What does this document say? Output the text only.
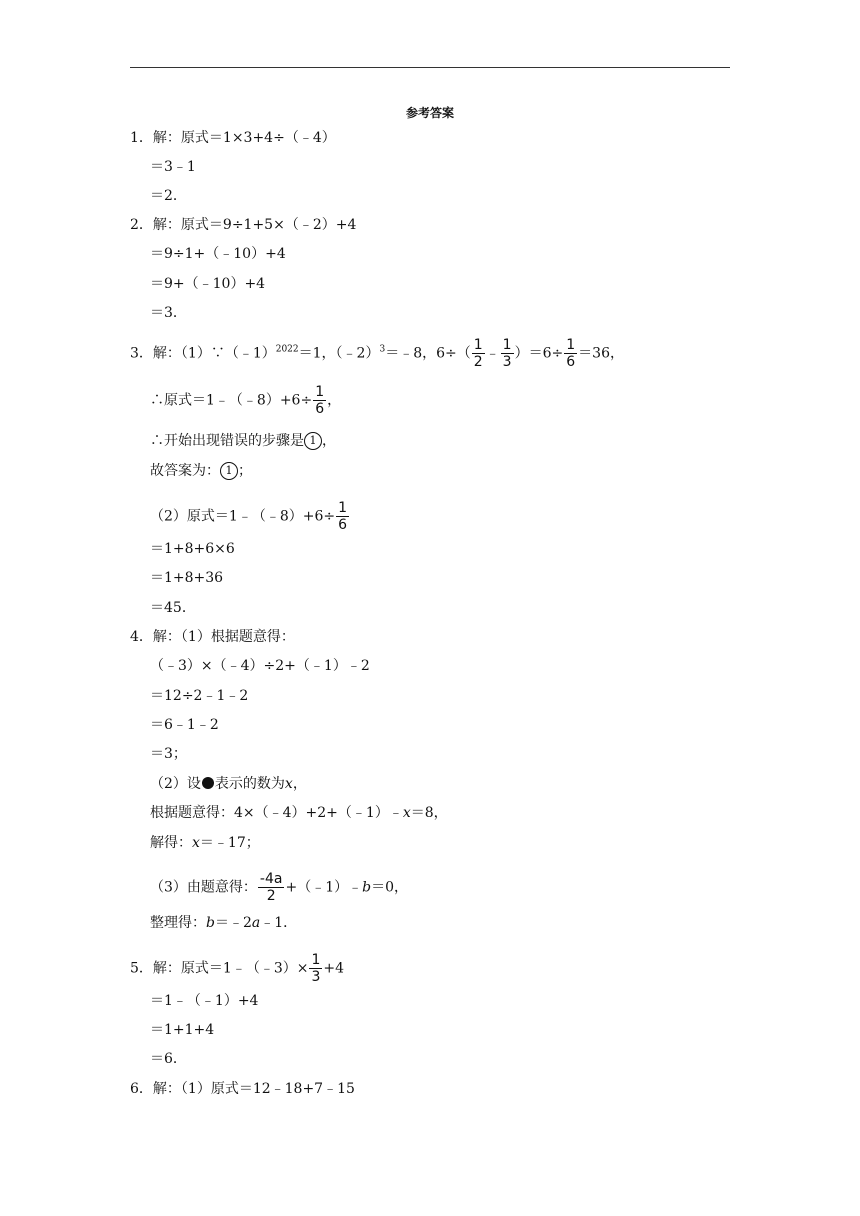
参考答案
1．解：原式＝1×3+4÷（﹣4）
＝3﹣1
＝2．
2．解：原式＝9÷1+5×（﹣2）+4
＝9÷1+（﹣10）+4
＝9+（﹣10）+4
＝3．
3．解：（1）∵（﹣1）$^{2022}$＝1，（﹣2）$^3$＝﹣8，$6\div( \frac{1}{2}$ ﹣ $\frac{1}{3} )=6\div \frac{1}{6} =36$，
∴原式＝1﹣（﹣8）+6÷ $\frac{1}{6}$ ，
∴开始出现错误的步骤是 1 ，
故答案为： 1 ；
（2）原式＝1﹣（﹣8）+6÷ $\frac{1}{6}$
＝1+8+6×6
＝1+8+36
＝45．
4．解：（1）根据题意得：
（﹣3）×（﹣4）÷2+（﹣1）﹣2
＝12÷2﹣1﹣2
＝6﹣1﹣2
＝3；
（2）设 表示的数为x，
根据题意得：4×（﹣4）+2+（﹣1）﹣x＝8，
解得：x＝﹣17；
（3）由题意得： $\frac{-4a}{2}$ +（﹣1）﹣b＝0，
整理得：b＝﹣2a﹣1．
5．解：原式＝1﹣（﹣3）× $\frac{1}{3} +4$
＝1﹣（﹣1）+4
＝1+1+4
＝6．
6．解：（1）原式＝12﹣18+7﹣15
